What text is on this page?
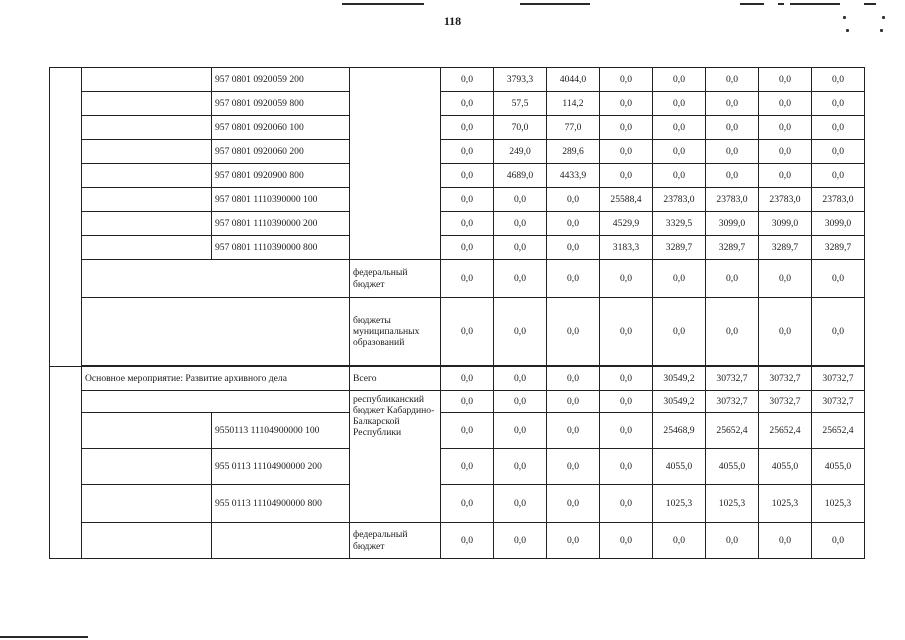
118
		957 0801 0920059 200		0,0	3793,3	4044,0	0,0	0,0	0,0	0,0	0,0
		957 0801 0920059 800		0,0	57,5	114,2	0,0	0,0	0,0	0,0	0,0
		957 0801 0920060 100		0,0	70,0	77,0	0,0	0,0	0,0	0,0	0,0
		957 0801 0920060 200		0,0	249,0	289,6	0,0	0,0	0,0	0,0	0,0
		957 0801 0920900 800		0,0	4689,0	4433,9	0,0	0,0	0,0	0,0	0,0
		957 0801 1110390000 100		0,0	0,0	0,0	25588,4	23783,0	23783,0	23783,0	23783,0
		957 0801 1110390000 200		0,0	0,0	0,0	4529,9	3329,5	3099,0	3099,0	3099,0
		957 0801 1110390000 800		0,0	0,0	0,0	3183,3	3289,7	3289,7	3289,7	3289,7
			федеральный бюджет	0,0	0,0	0,0	0,0	0,0	0,0	0,0	0,0
			бюджеты муниципальных образований	0,0	0,0	0,0	0,0	0,0	0,0	0,0	0,0

	Основное мероприятие: Развитие архивного дела		Всего	0,0	0,0	0,0	0,0	30549,2	30732,7	30732,7	30732,7
			республиканский бюджет Кабардино-Балкарской Республики	0,0	0,0	0,0	0,0	30549,2	30732,7	30732,7	30732,7
		9550113 11104900000 100		0,0	0,0	0,0	0,0	25468,9	25652,4	25652,4	25652,4
		955 0113 11104900000 200		0,0	0,0	0,0	0,0	4055,0	4055,0	4055,0	4055,0
		955 0113 11104900000 800		0,0	0,0	0,0	0,0	1025,3	1025,3	1025,3	1025,3
			федеральный бюджет	0,0	0,0	0,0	0,0	0,0	0,0	0,0	0,0
